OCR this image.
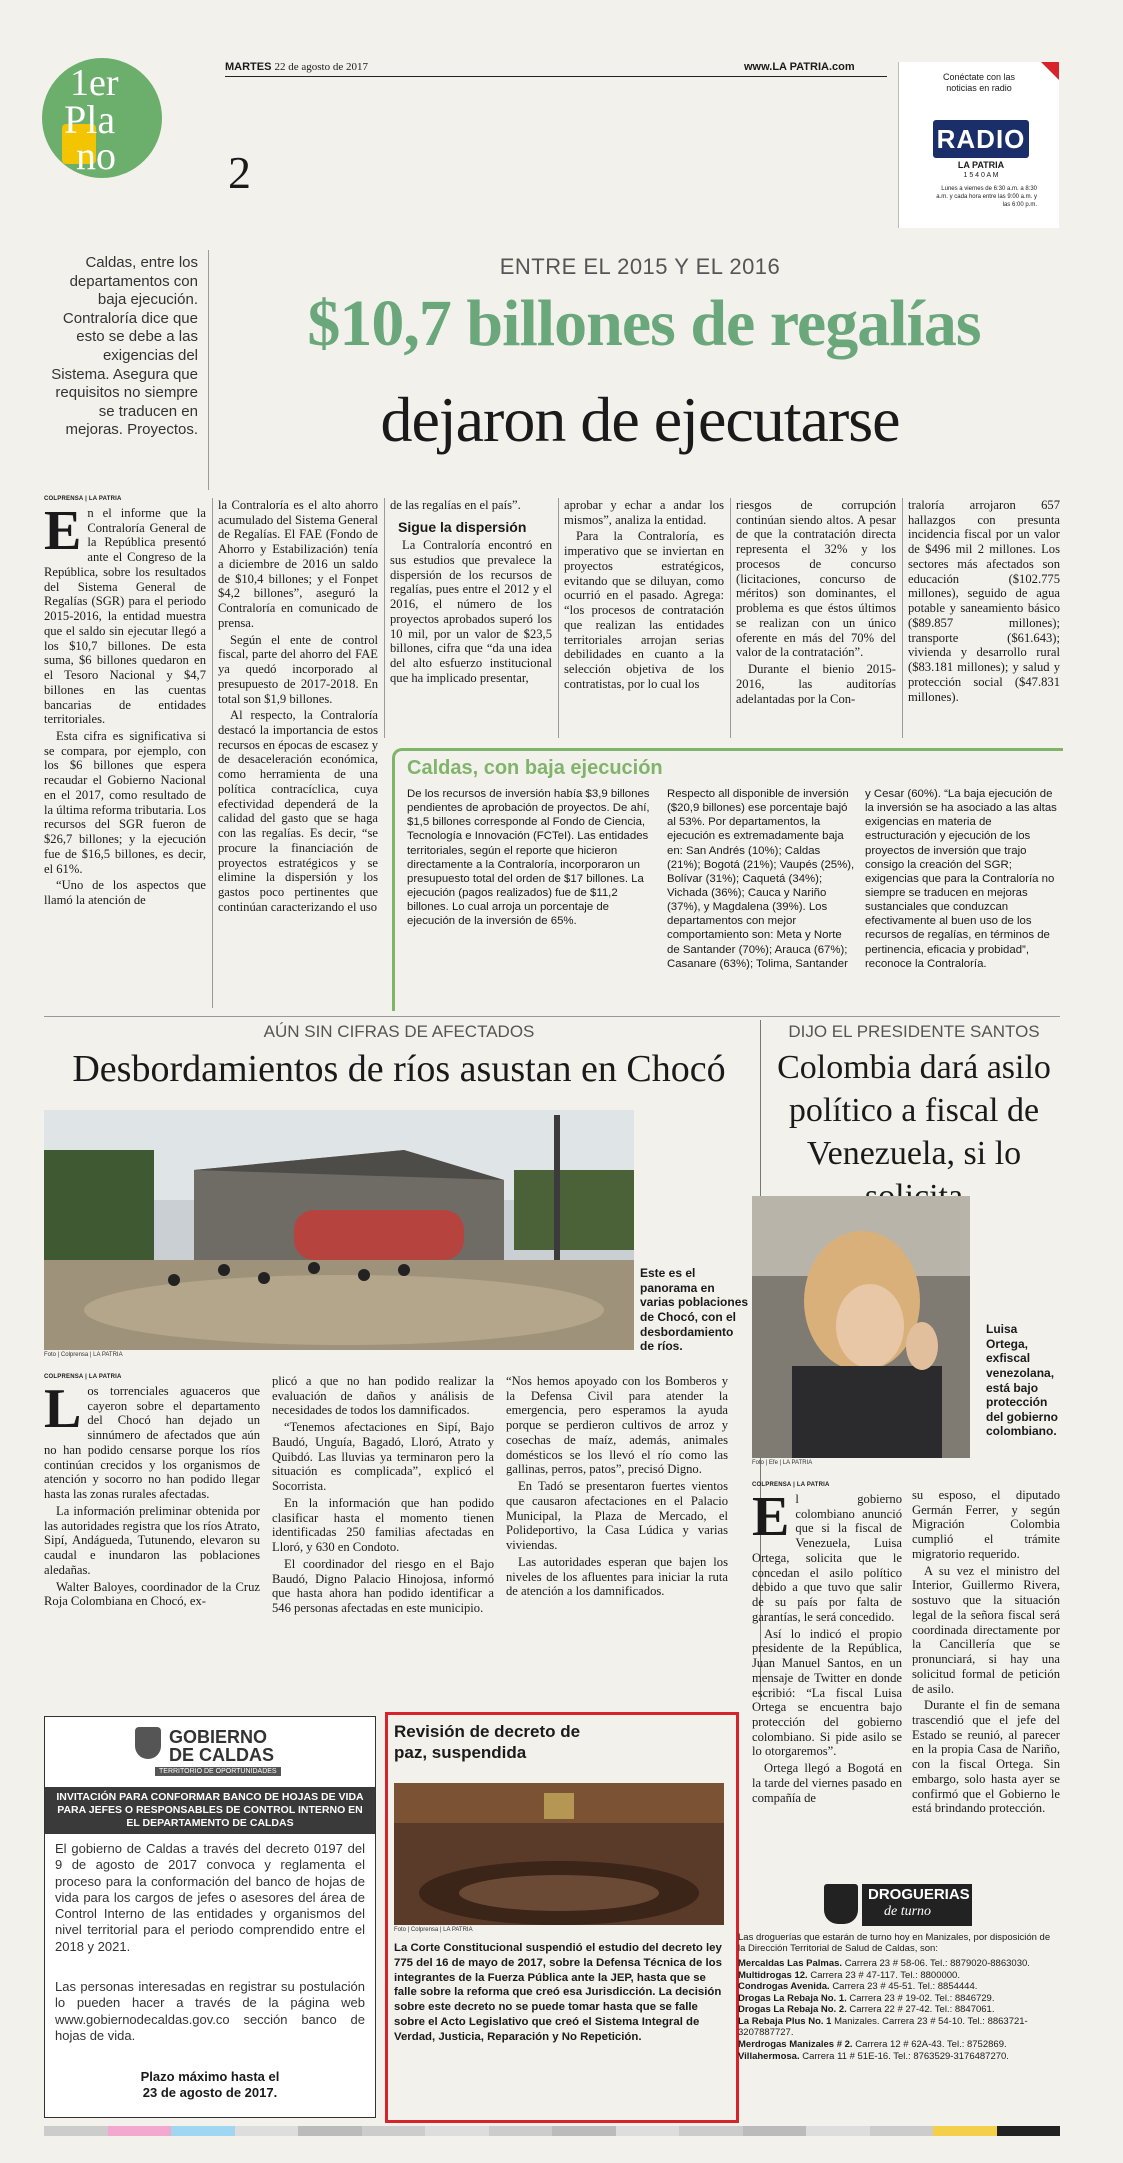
1er
Pla
no 2
MARTES 22 de agosto de 2017	www.LA PATRIA.com
Conéctate con las noticias en radio
RADIO
LA PATRIA
1 5 4 0 A M
Lunes a viernes de 6:30 a.m. a 8:30 a.m. y cada hora entre las 9:00 a.m. y las 6:00 p.m.
Caldas, entre los departamentos con baja ejecución. Contraloría dice que esto se debe a las exigencias del Sistema. Asegura que requisitos no siempre se traducen en mejoras. Proyectos.
ENTRE EL 2015 Y EL 2016
$10,7 billones de regalías
dejaron de ejecutarse
COLPRENSA | LA PATRIA
E n el informe que la Contraloría General de la República presentó ante el Congreso de la República, sobre los resultados del Sistema General de Regalías (SGR) para el periodo 2015-2016, la entidad muestra que el saldo sin ejecutar llegó a los $10,7 billones. De esta suma, $6 billones quedaron en el Tesoro Nacional y $4,7 billones en las cuentas bancarias de entidades territoriales.

Esta cifra es significativa si se compara, por ejemplo, con los $6 billones que espera recaudar el Gobierno Nacional en el 2017, como resultado de la última reforma tributaria. Los recursos del SGR fueron de $26,7 billones; y la ejecución fue de $16,5 billones, es decir, el 61%.

“Uno de los aspectos que llamó la atención de

la Contraloría es el alto ahorro acumulado del Sistema General de Regalías. El FAE (Fondo de Ahorro y Estabilización) tenía a diciembre de 2016 un saldo de $10,4 billones; y el Fonpet $4,2 billones”, aseguró la Contraloría en comunicado de prensa.

Según el ente de control fiscal, parte del ahorro del FAE ya quedó incorporado al presupuesto de 2017-2018. En total son $1,9 billones.

Al respecto, la Contraloría destacó la importancia de estos recursos en épocas de escasez y de desaceleración económica, como herramienta de una política contracíclica, cuya efectividad dependerá de la calidad del gasto que se haga con las regalías. Es decir, “se procure la financiación de proyectos estratégicos y se elimine la dispersión y los gastos poco pertinentes que continúan caracterizando el uso

de las regalías en el país”.

Sigue la dispersión

La Contraloría encontró en sus estudios que prevalece la dispersión de los recursos de regalías, pues entre el 2012 y el 2016, el número de los proyectos aprobados superó los 10 mil, por un valor de $23,5 billones, cifra que “da una idea del alto esfuerzo institucional que ha implicado presentar,

aprobar y echar a andar los mismos”, analiza la entidad.

Para la Contraloría, es imperativo que se inviertan en proyectos estratégicos, evitando que se diluyan, como ocurrió en el pasado. Agrega: “los procesos de contratación que realizan las entidades territoriales arrojan serias debilidades en cuanto a la selección objetiva de los contratistas, por lo cual los

riesgos de corrupción continúan siendo altos. A pesar de que la contratación directa representa el 32% y los procesos de concurso (licitaciones, concurso de méritos) son dominantes, el problema es que éstos últimos se realizan con un único oferente en más del 70% del valor de la contratación”.

Durante el bienio 2015-2016, las auditorías adelantadas por la Con-

traloría arrojaron 657 hallazgos con presunta incidencia fiscal por un valor de $496 mil 2 millones. Los sectores más afectados son educación ($102.775 millones), seguido de agua potable y saneamiento básico ($89.857 millones); transporte ($61.643); vivienda y desarrollo rural ($83.181 millones); y salud y protección social ($47.831 millones).

Caldas, con baja ejecución
De los recursos de inversión había $3,9 billones pendientes de aprobación de proyectos. De ahí, $1,5 billones corresponde al Fondo de Ciencia, Tecnología e Innovación (FCTeI). Las entidades territoriales, según el reporte que hicieron directamente a la Contraloría, incorporaron un presupuesto total del orden de $17 billones. La ejecución (pagos realizados) fue de $11,2 billones. Lo cual arroja un porcentaje de ejecución de la inversión de 65%.
Respecto all disponible de inversión ($20,9 billones) ese porcentaje bajó al 53%. Por departamentos, la ejecución es extremadamente baja en: San Andrés (10%); Caldas (21%); Bogotá (21%); Vaupés (25%), Bolívar (31%); Caquetá (34%); Vichada (36%); Cauca y Nariño (37%), y Magdalena (39%). Los departamentos con mejor comportamiento son: Meta y Norte de Santander (70%); Arauca (67%); Casanare (63%); Tolima, Santander
y Cesar (60%). “La baja ejecución de la inversión se ha asociado a las altas exigencias en materia de estructuración y ejecución de los proyectos de inversión que trajo consigo la creación del SGR; exigencias que para la Contraloría no siempre se traducen en mejoras sustanciales que conduzcan efectivamente al buen uso de los recursos de regalías, en términos de pertinencia, eficacia y probidad”, reconoce la Contraloría.
AÚN SIN CIFRAS DE AFECTADOS
Desbordamientos de ríos asustan en Chocó
Foto | Colprensa | LA PATRIA
Este es el panorama en varias poblaciones de Chocó, con el desbordamiento de ríos.
COLPRENSA | LA PATRIA
L os torrenciales aguaceros que cayeron sobre el departamento del Chocó han dejado un sinnúmero de afectados que aún no han podido censarse porque los ríos continúan crecidos y los organismos de atención y socorro no han podido llegar hasta las zonas rurales afectadas.

La información preliminar obtenida por las autoridades registra que los ríos Atrato, Sipí, Andágueda, Tutunendo, elevaron su caudal e inundaron las poblaciones aledañas.

Walter Baloyes, coordinador de la Cruz Roja Colombiana en Chocó, ex-

plicó a que no han podido realizar la evaluación de daños y análisis de necesidades de todos los damnificados.

“Tenemos afectaciones en Sipí, Bajo Baudó, Unguía, Bagadó, Lloró, Atrato y Quibdó. Las lluvias ya terminaron pero la situación es complicada”, explicó el Socorrista.

En la información que han podido clasificar hasta el momento tienen identificadas 250 familias afectadas en Lloró, y 630 en Condoto.

El coordinador del riesgo en el Bajo Baudó, Digno Palacio Hinojosa, informó que hasta ahora han podido identificar a 546 personas afectadas en este municipio.

“Nos hemos apoyado con los Bomberos y la Defensa Civil para atender la emergencia, pero esperamos la ayuda porque se perdieron cultivos de arroz y cosechas de maíz, además, animales domésticos se los llevó el río como las gallinas, perros, patos”, precisó Digno.

En Tadó se presentaron fuertes vientos que causaron afectaciones en el Palacio Municipal, la Plaza de Mercado, el Polideportivo, la Casa Lúdica y varias viviendas.

Las autoridades esperan que bajen los niveles de los afluentes para iniciar la ruta de atención a los damnificados.

DIJO EL PRESIDENTE SANTOS
Colombia dará asilo político a fiscal de Venezuela, si lo
Foto | Efe | LA PATRIA
Luisa Ortega, exfiscal venezolana, está bajo protección del gobierno colombiano.
COLPRENSA | LA PATRIA
E l gobierno colombiano anunció que si la fiscal de Venezuela, Luisa Ortega, solicita que le concedan el asilo político debido a que tuvo que salir de su país por falta de garantías, le será concedido.

Así lo indicó el propio presidente de la República, Juan Manuel Santos, en un mensaje de Twitter en donde escribió: “La fiscal Luisa Ortega se encuentra bajo protección del gobierno colombiano. Si pide asilo se lo otorgaremos”.

Ortega llegó a Bogotá en la tarde del viernes pasado en compañía de

su esposo, el diputado Germán Ferrer, y según Migración Colombia cumplió el trámite migratorio requerido.

A su vez el ministro del Interior, Guillermo Rivera, sostuvo que la situación legal de la señora fiscal será coordinada directamente por la Cancillería que se pronunciará, si hay una solicitud formal de petición de asilo.

Durante el fin de semana trascendió que el jefe del Estado se reunió, al parecer en la propia Casa de Nariño, con la fiscal Ortega. Sin embargo, solo hasta ayer se confirmó que el Gobierno le está brindando protección.

GOBIERNO
DE CALDAS
TERRITORIO DE OPORTUNIDADES
INVITACIÓN PARA CONFORMAR BANCO DE HOJAS DE VIDA PARA JEFES O RESPONSABLES DE CONTROL INTERNO EN EL DEPARTAMENTO DE CALDAS
El gobierno de Caldas a través del decreto 0197 del 9 de agosto de 2017 convoca y reglamenta el proceso para la conformación del banco de hojas de vida para los cargos de jefes o asesores del área de Control Interno de las entidades y organismos del nivel territorial para el periodo comprendido entre el 2018 y 2021.
Las personas interesadas en registrar su postulación lo pueden hacer a través de la página web www.gobiernodecaldas.gov.co sección banco de hojas de vida.
Plazo máximo hasta el
23 de agosto de 2017.
Revisión de decreto de paz, suspendida
Foto | Colprensa | LA PATRIA
La Corte Constitucional suspendió el estudio del decreto ley 775 del 16 de mayo de 2017, sobre la Defensa Técnica de los integrantes de la Fuerza Pública ante la JEP, hasta que se falle sobre la reforma que creó esa Jurisdicción. La decisión sobre este decreto no se puede tomar hasta que se falle sobre el Acto Legislativo que creó el Sistema Integral de Verdad, Justicia, Reparación y No Repetición.
DROGUERIAS
de turno
Las droguerías que estarán de turno hoy en Manizales, por disposición de la Dirección Territorial de Salud de Caldas, son:
Mercaldas Las Palmas. Carrera 23 # 58-06. Tel.: 8879020-8863030.
Multidrogas 12. Carrera 23 # 47-117. Tel.: 8800000.
Condrogas Avenida. Carrera 23 # 45-51. Tel.: 8854444.
Drogas La Rebaja No. 1. Carrera 23 # 19-02. Tel.: 8846729.
Drogas La Rebaja No. 2. Carrera 22 # 27-42. Tel.: 8847061.
La Rebaja Plus No. 1 Manizales. Carrera 23 # 54-10. Tel.: 8863721-3207887727.
Merdrogas Manizales # 2. Carrera 12 # 62A-43. Tel.: 8752869.
Villahermosa. Carrera 11 # 51E-16. Tel.: 8763529-3176487270.
